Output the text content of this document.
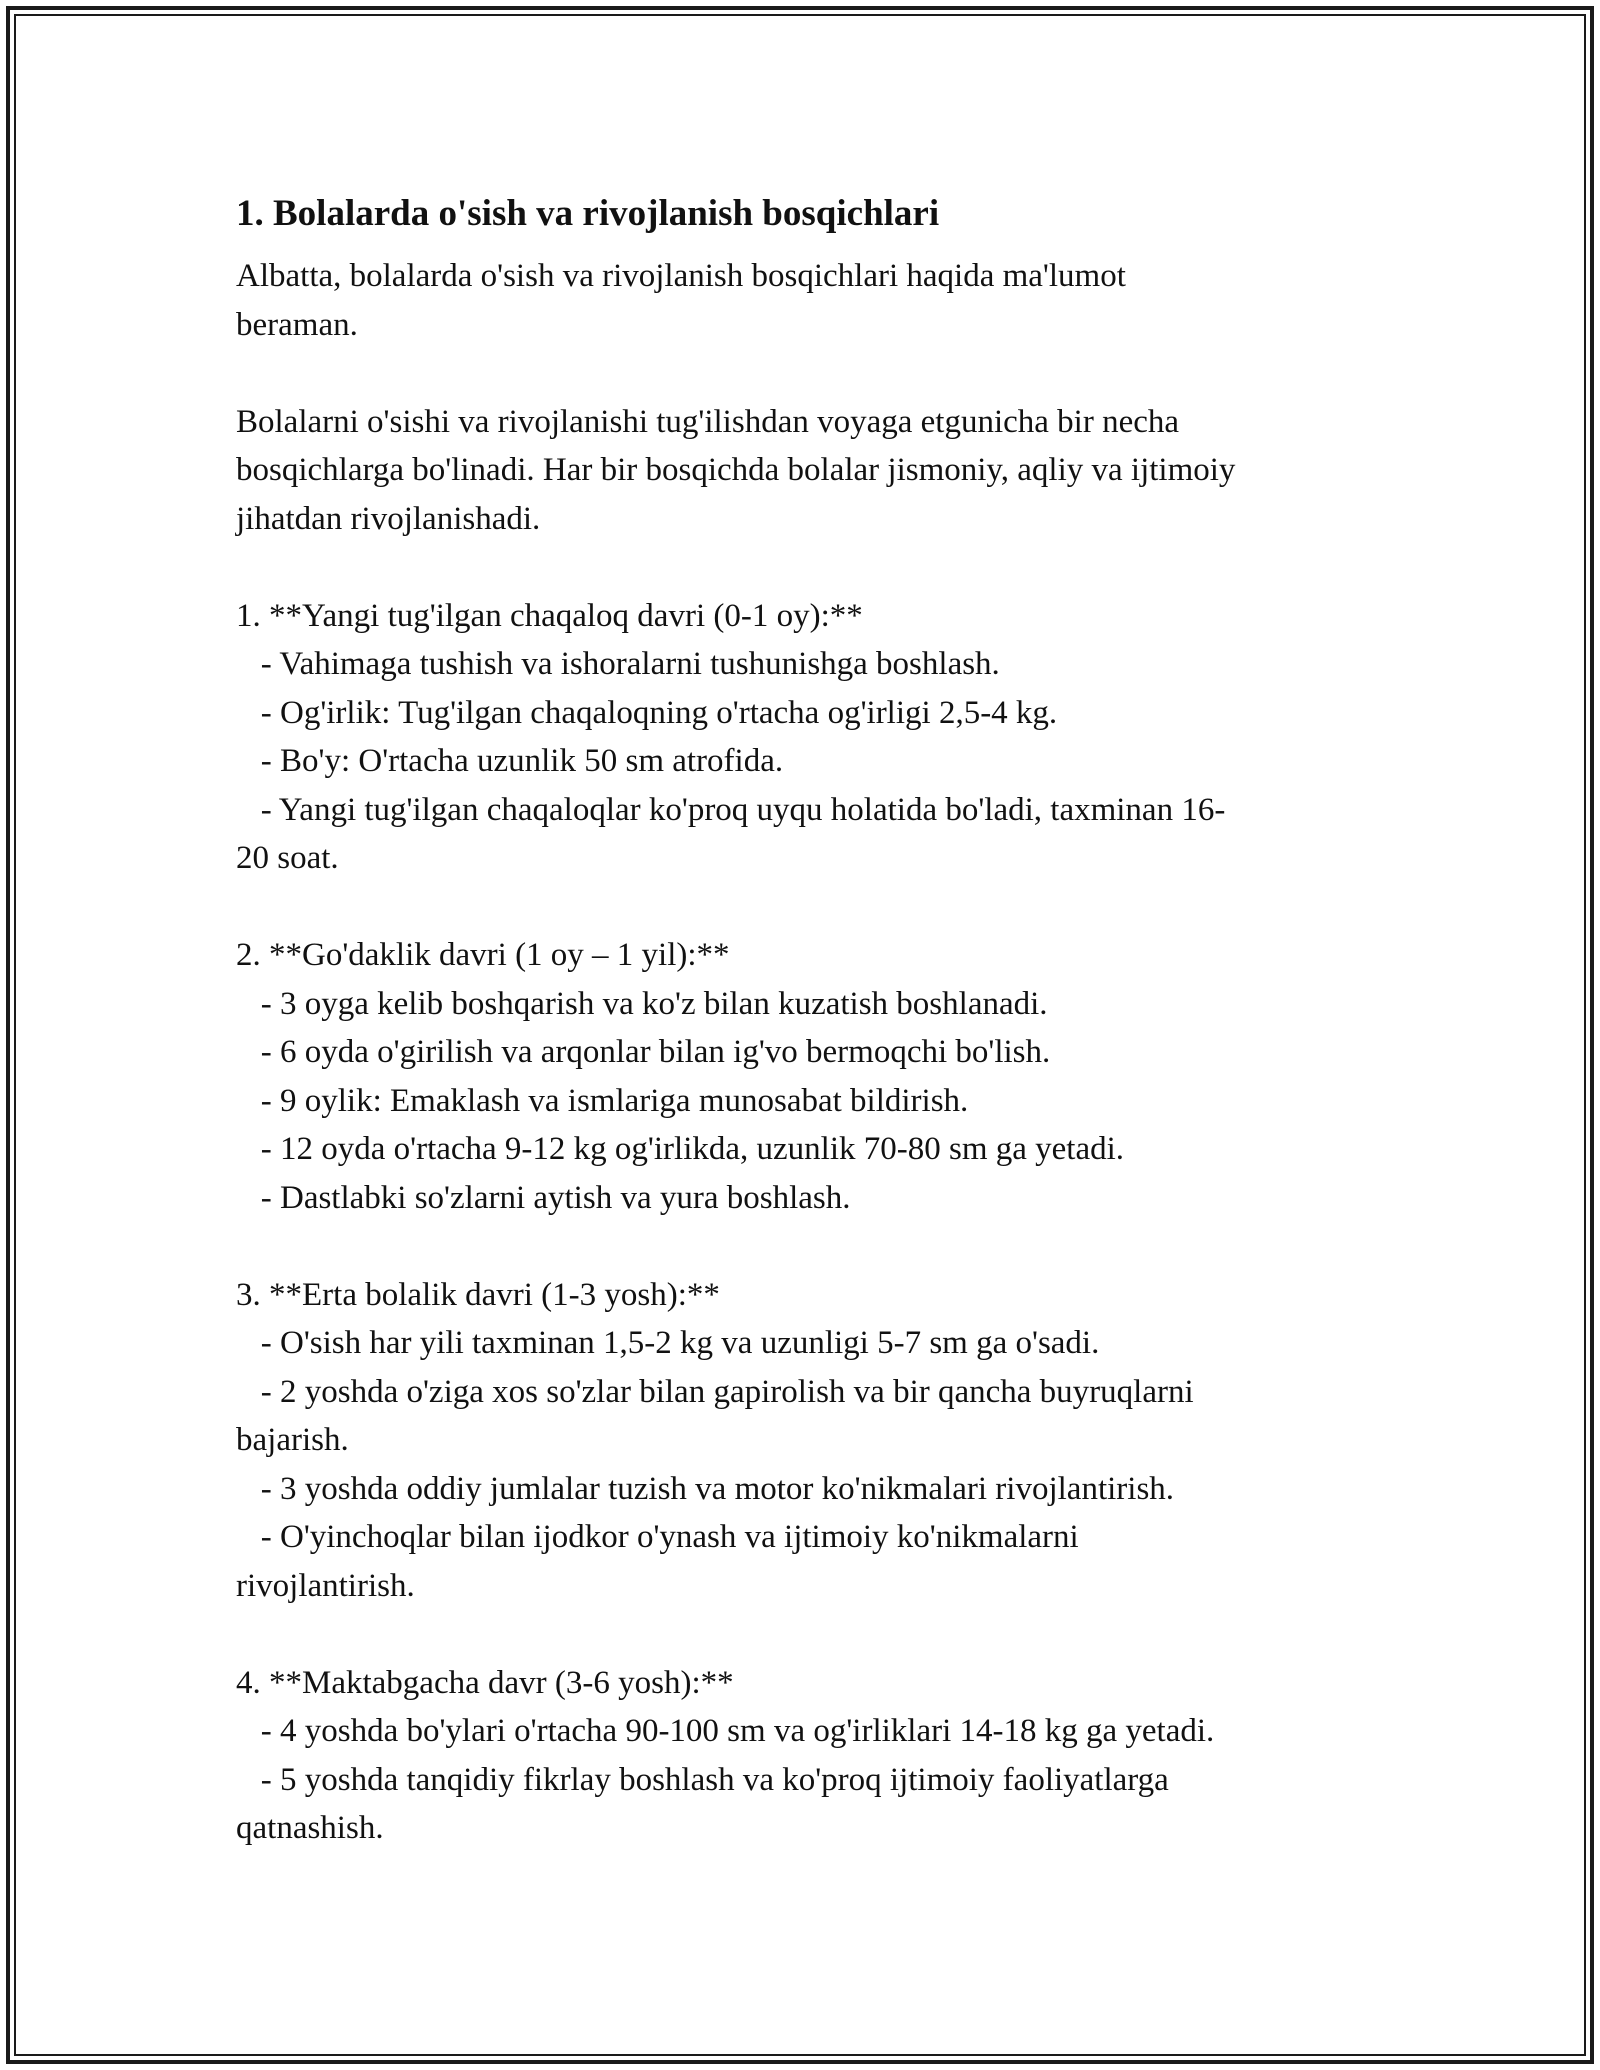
1. Bolalarda o'sish va rivojlanish bosqichlari

Albatta, bolalarda o'sish va rivojlanish bosqichlari haqida ma'lumot
beraman.

Bolalarni o'sishi va rivojlanishi tug'ilishdan voyaga etgunicha bir necha
bosqichlarga bo'linadi. Har bir bosqichda bolalar jismoniy, aqliy va ijtimoiy
jihatdan rivojlanishadi.

1. **Yangi tug'ilgan chaqaloq davri (0-1 oy):**
- Vahimaga tushish va ishoralarni tushunishga boshlash.
- Og'irlik: Tug'ilgan chaqaloqning o'rtacha og'irligi 2,5-4 kg.
- Bo'y: O'rtacha uzunlik 50 sm atrofida.
- Yangi tug'ilgan chaqaloqlar ko'proq uyqu holatida bo'ladi, taxminan 16-
20 soat.

2. **Go'daklik davri (1 oy – 1 yil):**
- 3 oyga kelib boshqarish va ko'z bilan kuzatish boshlanadi.
- 6 oyda o'girilish va arqonlar bilan ig'vo bermoqchi bo'lish.
- 9 oylik: Emaklash va ismlariga munosabat bildirish.
- 12 oyda o'rtacha 9-12 kg og'irlikda, uzunlik 70-80 sm ga yetadi.
- Dastlabki so'zlarni aytish va yura boshlash.

3. **Erta bolalik davri (1-3 yosh):**
- O'sish har yili taxminan 1,5-2 kg va uzunligi 5-7 sm ga o'sadi.
- 2 yoshda o'ziga xos so'zlar bilan gapirolish va bir qancha buyruqlarni
bajarish.
- 3 yoshda oddiy jumlalar tuzish va motor ko'nikmalari rivojlantirish.
- O'yinchoqlar bilan ijodkor o'ynash va ijtimoiy ko'nikmalarni
rivojlantirish.

4. **Maktabgacha davr (3-6 yosh):**
- 4 yoshda bo'ylari o'rtacha 90-100 sm va og'irliklari 14-18 kg ga yetadi.
- 5 yoshda tanqidiy fikrlay boshlash va ko'proq ijtimoiy faoliyatlarga
qatnashish.
